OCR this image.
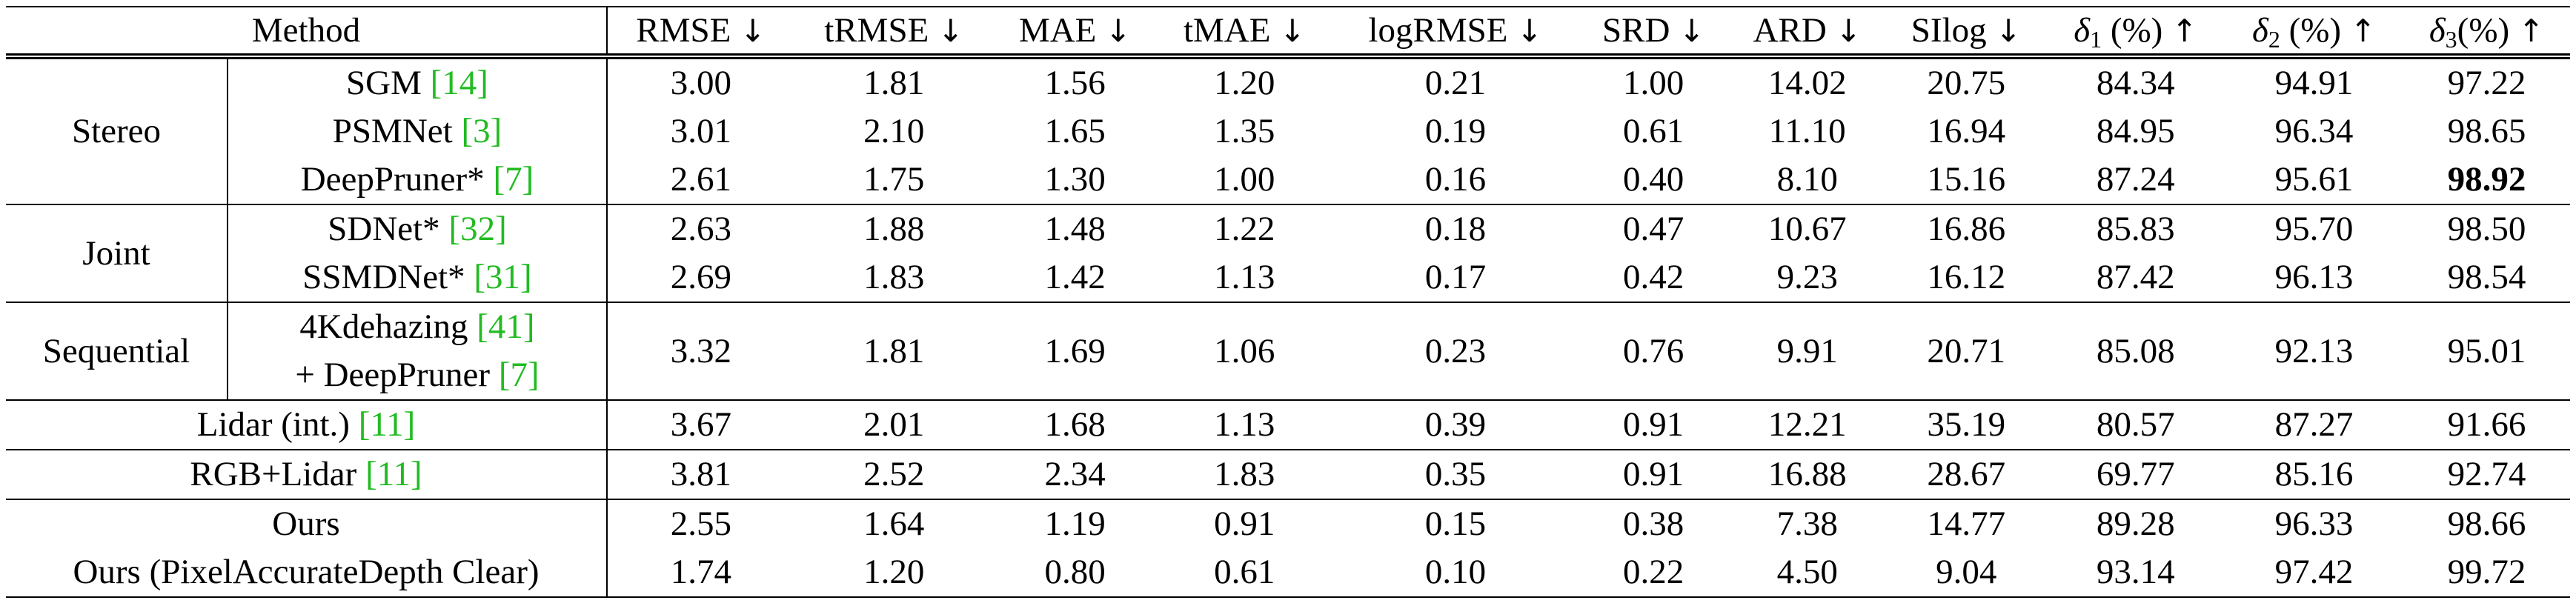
Method		RMSE ↓	tRMSE ↓	MAE ↓	tMAE ↓	logRMSE ↓	SRD ↓	ARD ↓	SIlog ↓	$\delta_1$ (%) ↑	$\delta_2$ (%) ↑	$\delta_3(\%)$ ↑
Stereo	SGM [14]	3.00	1.81	1.56	1.20	0.21	1.00	14.02	20.75	84.34	94.91	97.22
	PSMNet [3]	3.01	2.10	1.65	1.35	0.19	0.61	11.10	16.94	84.95	96.34	98.65
	DeepPruner* [7]	2.61	1.75	1.30	1.00	0.16	0.40	8.10	15.16	87.24	95.61	98.92
Joint	SDNet* [32]	2.63	1.88	1.48	1.22	0.18	0.47	10.67	16.86	85.83	95.70	98.50
	SSMDNet* [31]	2.69	1.83	1.42	1.13	0.17	0.42	9.23	16.12	87.42	96.13	98.54
Sequential	4Kdehazing [41]
+ DeepPruner [7]	3.32	1.81	1.69	1.06	0.23	0.76	9.91	20.71	85.08	92.13	95.01
Lidar (int.) [11]		3.67	2.01	1.68	1.13	0.39	0.91	12.21	35.19	80.57	87.27	91.66
RGB+Lidar [11]		3.81	2.52	2.34	1.83	0.35	0.91	16.88	28.67	69.77	85.16	92.74
Ours		2.55	1.64	1.19	0.91	0.15	0.38	7.38	14.77	89.28	96.33	98.66
Ours (PixelAccurateDepth Clear)		1.74	1.20	0.80	0.61	0.10	0.22	4.50	9.04	93.14	97.42	99.72
